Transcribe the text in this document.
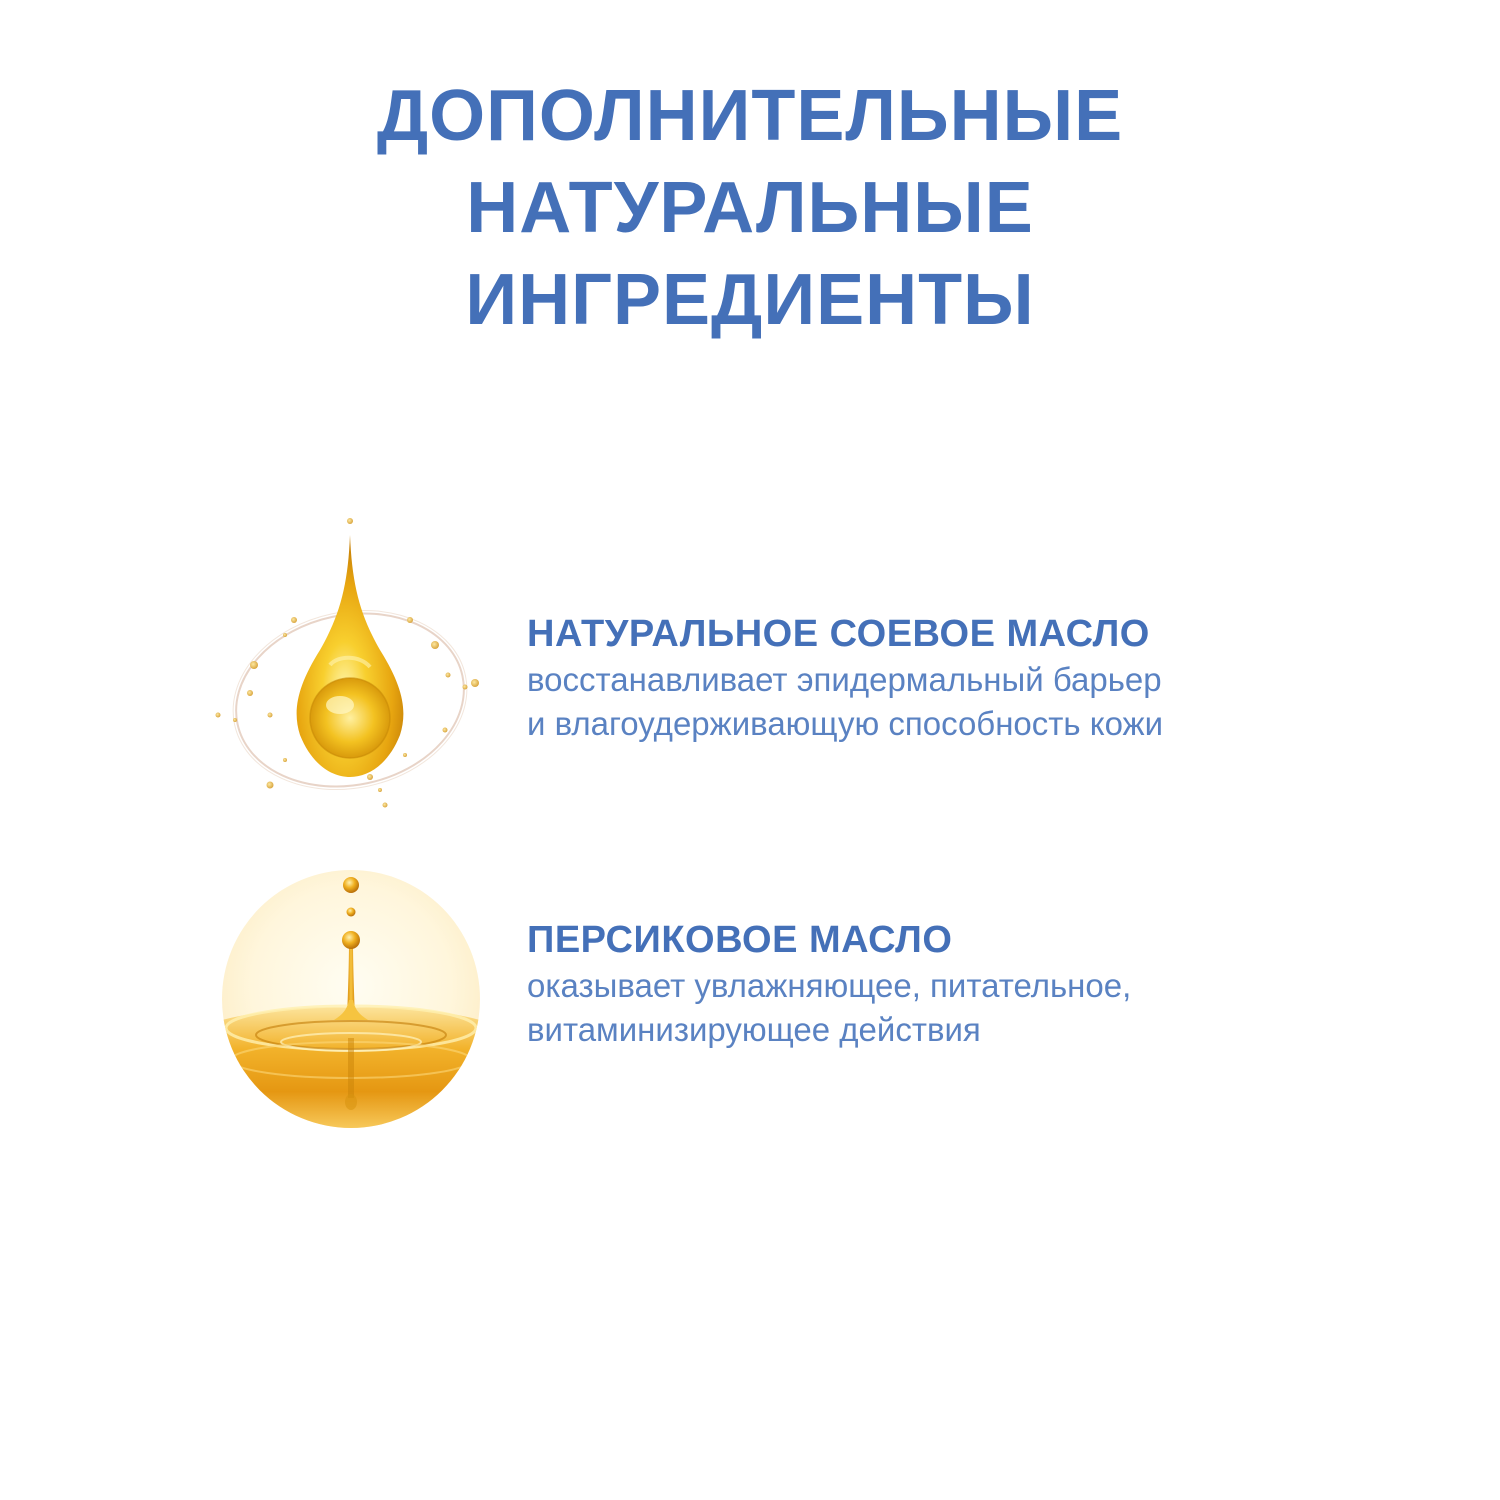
ДОПОЛНИТЕЛЬНЫЕ
НАТУРАЛЬНЫЕ
ИНГРЕДИЕНТЫ
НАТУРАЛЬНОЕ СОЕВОЕ МАСЛО

восстанавливает эпидермальный барьер
и влагоудерживающую способность кожи

ПЕРСИКОВОЕ МАСЛО

оказывает увлажняющее, питательное,
витаминизирующее действия
